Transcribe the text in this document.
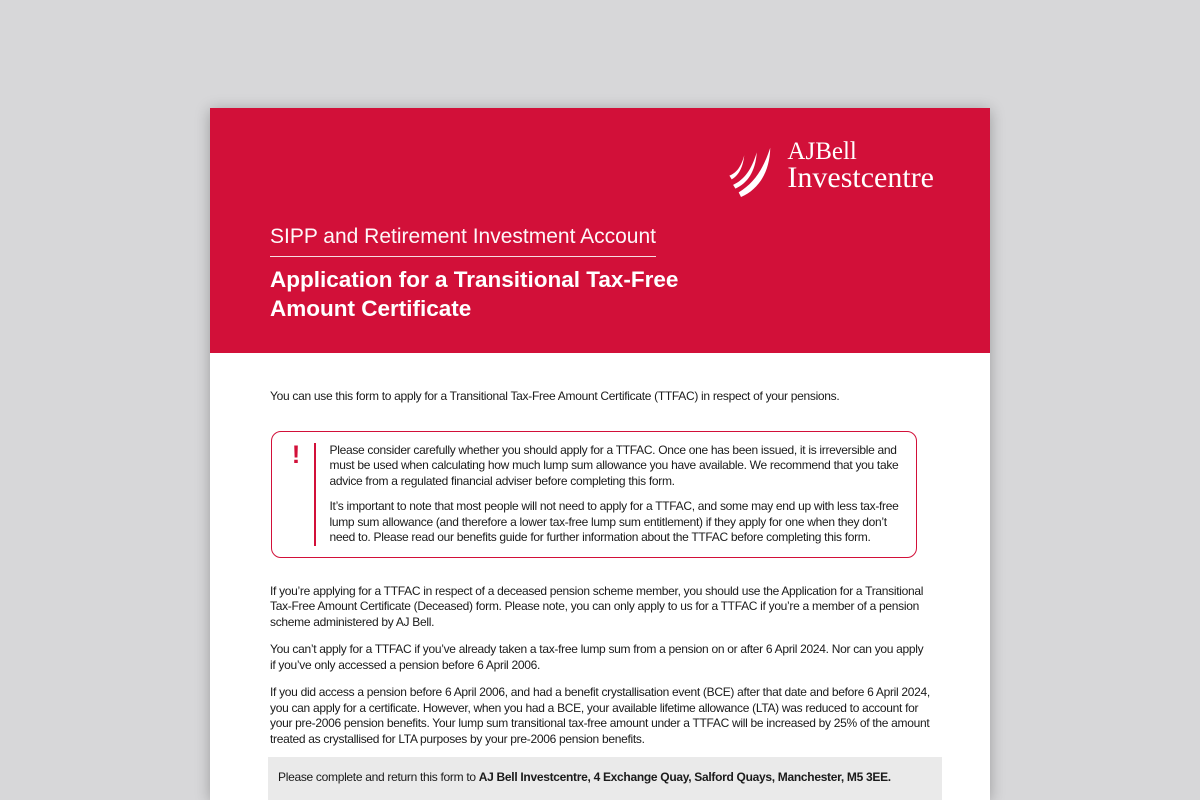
AJBell
Investcentre
SIPP and Retirement Investment Account
Application for a Transitional Tax-Free Amount Certificate

You can use this form to apply for a Transitional Tax-Free Amount Certificate (TTFAC) in respect of your pensions.

!	Please consider carefully whether you should apply for a TTFAC. Once one has been issued, it is irreversible and must be used when calculating how much lump sum allowance you have available. We recommend that you take advice from a regulated financial adviser before completing this form.

It’s important to note that most people will not need to apply for a TTFAC, and some may end up with less tax-free lump sum allowance (and therefore a lower tax-free lump sum entitlement) if they apply for one when they don’t need to. Please read our benefits guide for further information about the TTFAC before completing this form.

If you’re applying for a TTFAC in respect of a deceased pension scheme member, you should use the Application for a Transitional Tax-Free Amount Certificate (Deceased) form. Please note, you can only apply to us for a TTFAC if you’re a member of a pension scheme administered by AJ Bell.

You can’t apply for a TTFAC if you’ve already taken a tax-free lump sum from a pension on or after 6 April 2024. Nor can you apply if you’ve only accessed a pension before 6 April 2006.

If you did access a pension before 6 April 2006, and had a benefit crystallisation event (BCE) after that date and before 6 April 2024, you can apply for a certificate. However, when you had a BCE, your available lifetime allowance (LTA) was reduced to account for your pre-2006 pension benefits. Your lump sum transitional tax-free amount under a TTFAC will be increased by 25% of the amount treated as crystallised for LTA purposes by your pre-2006 pension benefits.

Please complete and return this form to AJ Bell Investcentre, 4 Exchange Quay, Salford Quays, Manchester, M5 3EE.
